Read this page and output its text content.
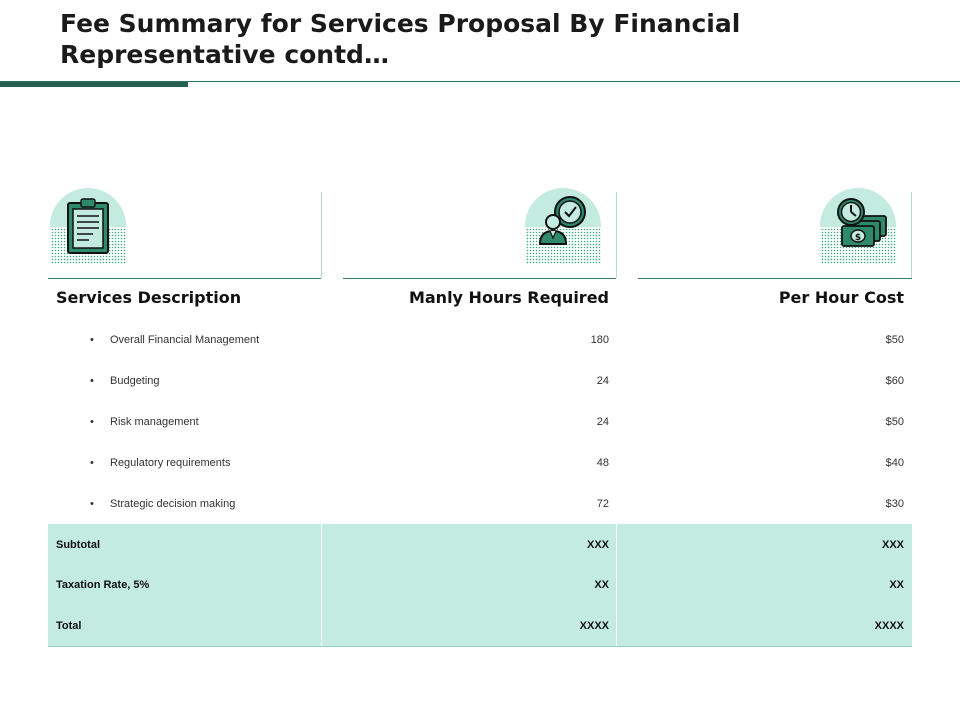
Fee Summary for Services Proposal By Financial Representative contd…
$
Services Description	Manly Hours Required	Per Hour Cost
• Overall Financial Management	180	$50
• Budgeting	24	$60
• Risk management	24	$50
• Regulatory requirements	48	$40
• Strategic decision making	72	$30
Subtotal	XXX	XXX
Taxation Rate, 5%	XX	XX
Total	XXXX	XXXX
